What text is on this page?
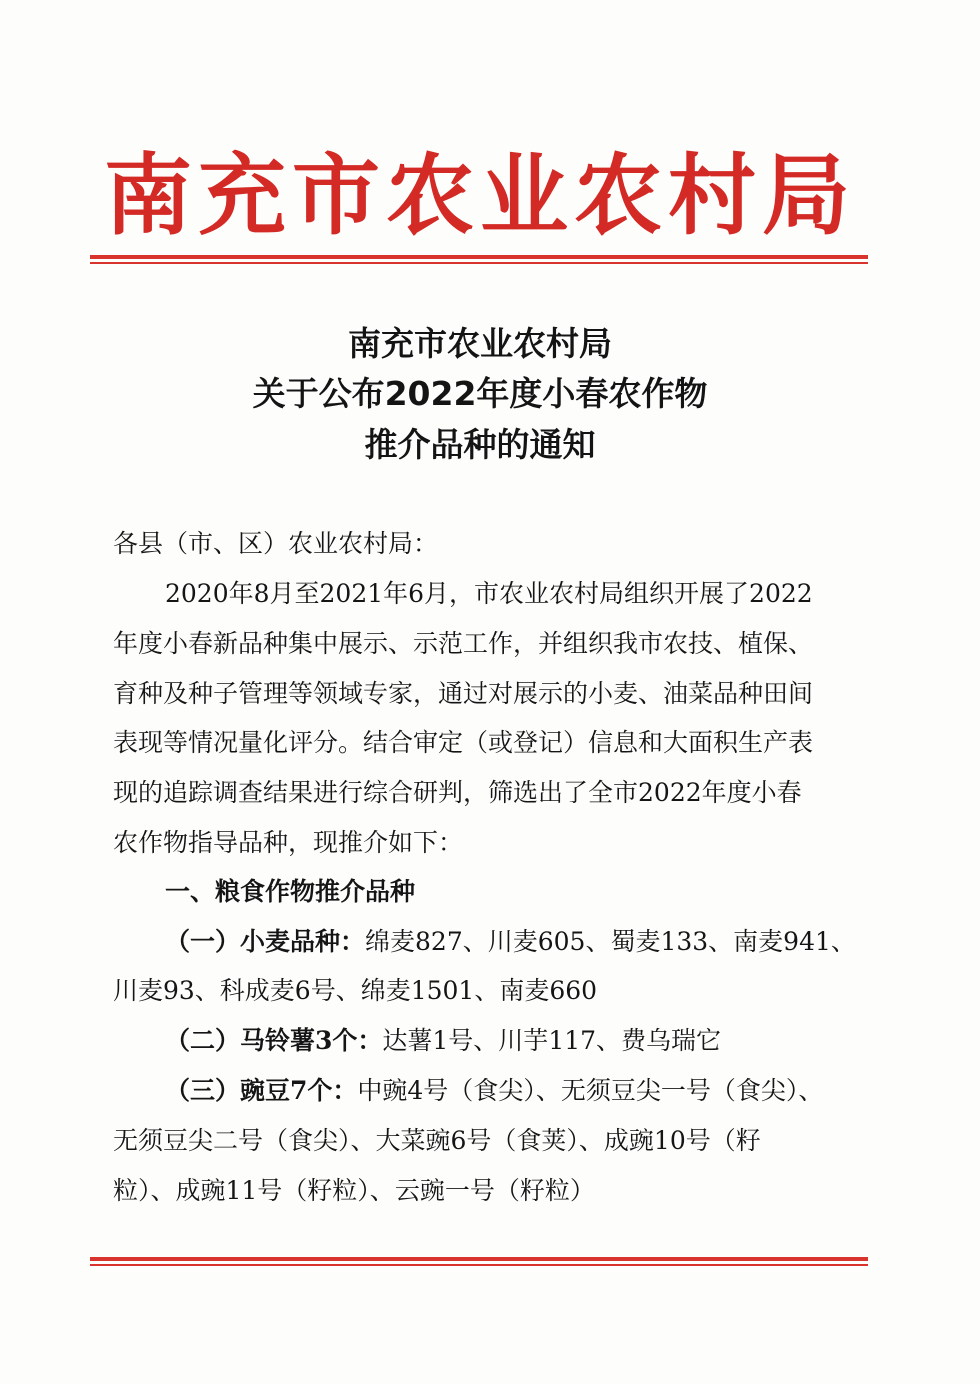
南充市农业农村局
南充市农业农村局
关于公布2022年度小春农作物
推介品种的通知
各县（市、区）农业农村局：
2020年8月至2021年6月，市农业农村局组织开展了2022
年度小春新品种集中展示、示范工作，并组织我市农技、植保、
育种及种子管理等领域专家，通过对展示的小麦、油菜品种田间
表现等情况量化评分。结合审定（或登记）信息和大面积生产表
现的追踪调查结果进行综合研判，筛选出了全市2022年度小春
农作物指导品种，现推介如下：
一、粮食作物推介品种
（一）小麦品种：绵麦827、川麦605、蜀麦133、南麦941、
川麦93、科成麦6号、绵麦1501、南麦660
（二）马铃薯3个：达薯1号、川芋117、费乌瑞它
（三）豌豆7个：中豌4号（食尖）、无须豆尖一号（食尖）、
无须豆尖二号（食尖）、大菜豌6号（食荚）、成豌10号（籽
粒）、成豌11号（籽粒）、云豌一号（籽粒）
